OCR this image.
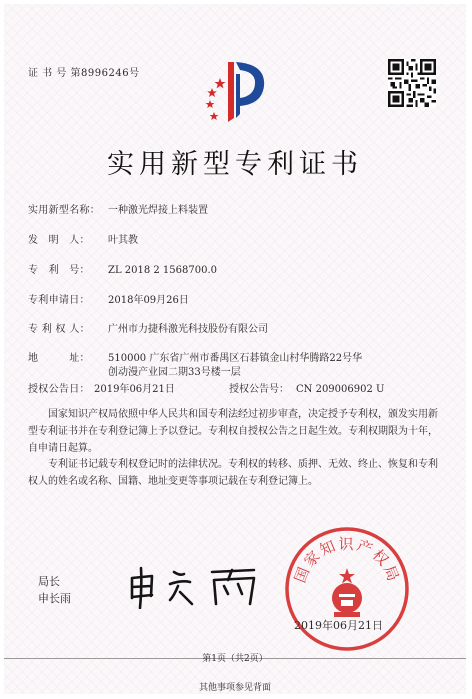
证 书 号 第8996246号
实用新型专利证书
实用新型名称： 一种激光焊接上料装置
发　明　人： 叶其教
专　利　号： ZL 2018 2 1568700.0
专利申请日： 2018年09月26日
专 利 权 人： 广州市力捷科激光科技股份有限公司
地　　　址： 510000 广东省广州市番禺区石碁镇金山村华腾路22号华
创动漫产业园二期33号楼一层
授权公告日： 2019年06月21日	授权公告号： CN 209006902 U
国家知识产权局依照中华人民共和国专利法经过初步审查，决定授予专利权，颁发实用新型专利证书并在专利登记簿上予以登记。专利权自授权公告之日起生效。专利权期限为十年，自申请日起算。
专利证书记载专利权登记时的法律状况。专利权的转移、质押、无效、终止、恢复和专利权人的姓名或名称、国籍、地址变更等事项记载在专利登记簿上。
局长
申长雨
国家知识产权局
2019年06月21日
第1页（共2页）
其他事项参见背面
